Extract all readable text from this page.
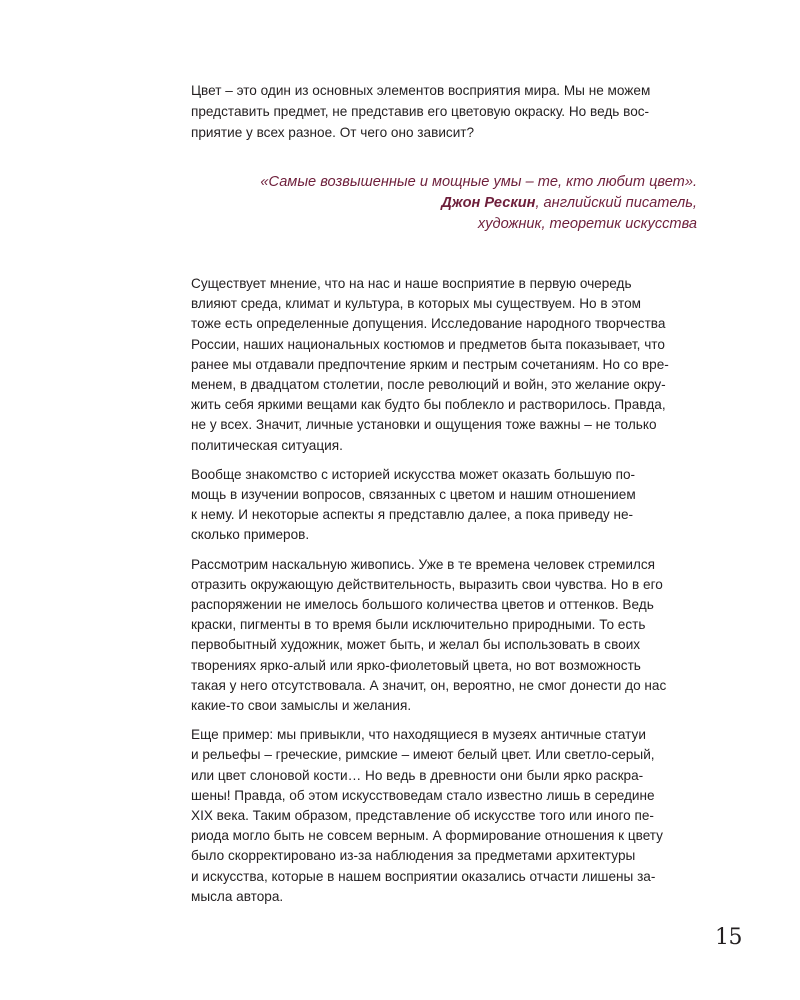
Цвет – это один из основных элементов восприятия мира. Мы не можем
представить предмет, не представив его цветовую окраску. Но ведь вос-
приятие у всех разное. От чего оно зависит?

«Самые возвышенные и мощные умы – те, кто любит цвет».
Джон Рескин, английский писатель,
художник, теоретик искусства

Существует мнение, что на нас и наше восприятие в первую очередь
влияют среда, климат и культура, в которых мы существуем. Но в этом
тоже есть определенные допущения. Исследование народного творчества
России, наших национальных костюмов и предметов быта показывает, что
ранее мы отдавали предпочтение ярким и пестрым сочетаниям. Но со вре-
менем, в двадцатом столетии, после революций и войн, это желание окру-
жить себя яркими вещами как будто бы поблекло и растворилось. Правда,
не у всех. Значит, личные установки и ощущения тоже важны – не только
политическая ситуация.

Вообще знакомство с историей искусства может оказать большую по-
мощь в изучении вопросов, связанных с цветом и нашим отношением
к нему. И некоторые аспекты я представлю далее, а пока приведу не-
сколько примеров.

Рассмотрим наскальную живопись. Уже в те времена человек стремился
отразить окружающую действительность, выразить свои чувства. Но в его
распоряжении не имелось большого количества цветов и оттенков. Ведь
краски, пигменты в то время были исключительно природными. То есть
первобытный художник, может быть, и желал бы использовать в своих
творениях ярко-алый или ярко-фиолетовый цвета, но вот возможность
такая у него отсутствовала. А значит, он, вероятно, не смог донести до нас
какие-то свои замыслы и желания.

Еще пример: мы привыкли, что находящиеся в музеях античные статуи
и рельефы – греческие, римские – имеют белый цвет. Или светло-серый,
или цвет слоновой кости… Но ведь в древности они были ярко раскра-
шены! Правда, об этом искусствоведам стало известно лишь в середине
XIX века. Таким образом, представление об искусстве того или иного пе-
риода могло быть не совсем верным. А формирование отношения к цвету
было скорректировано из-за наблюдения за предметами архитектуры
и искусства, которые в нашем восприятии оказались отчасти лишены за-
мысла автора.

15
